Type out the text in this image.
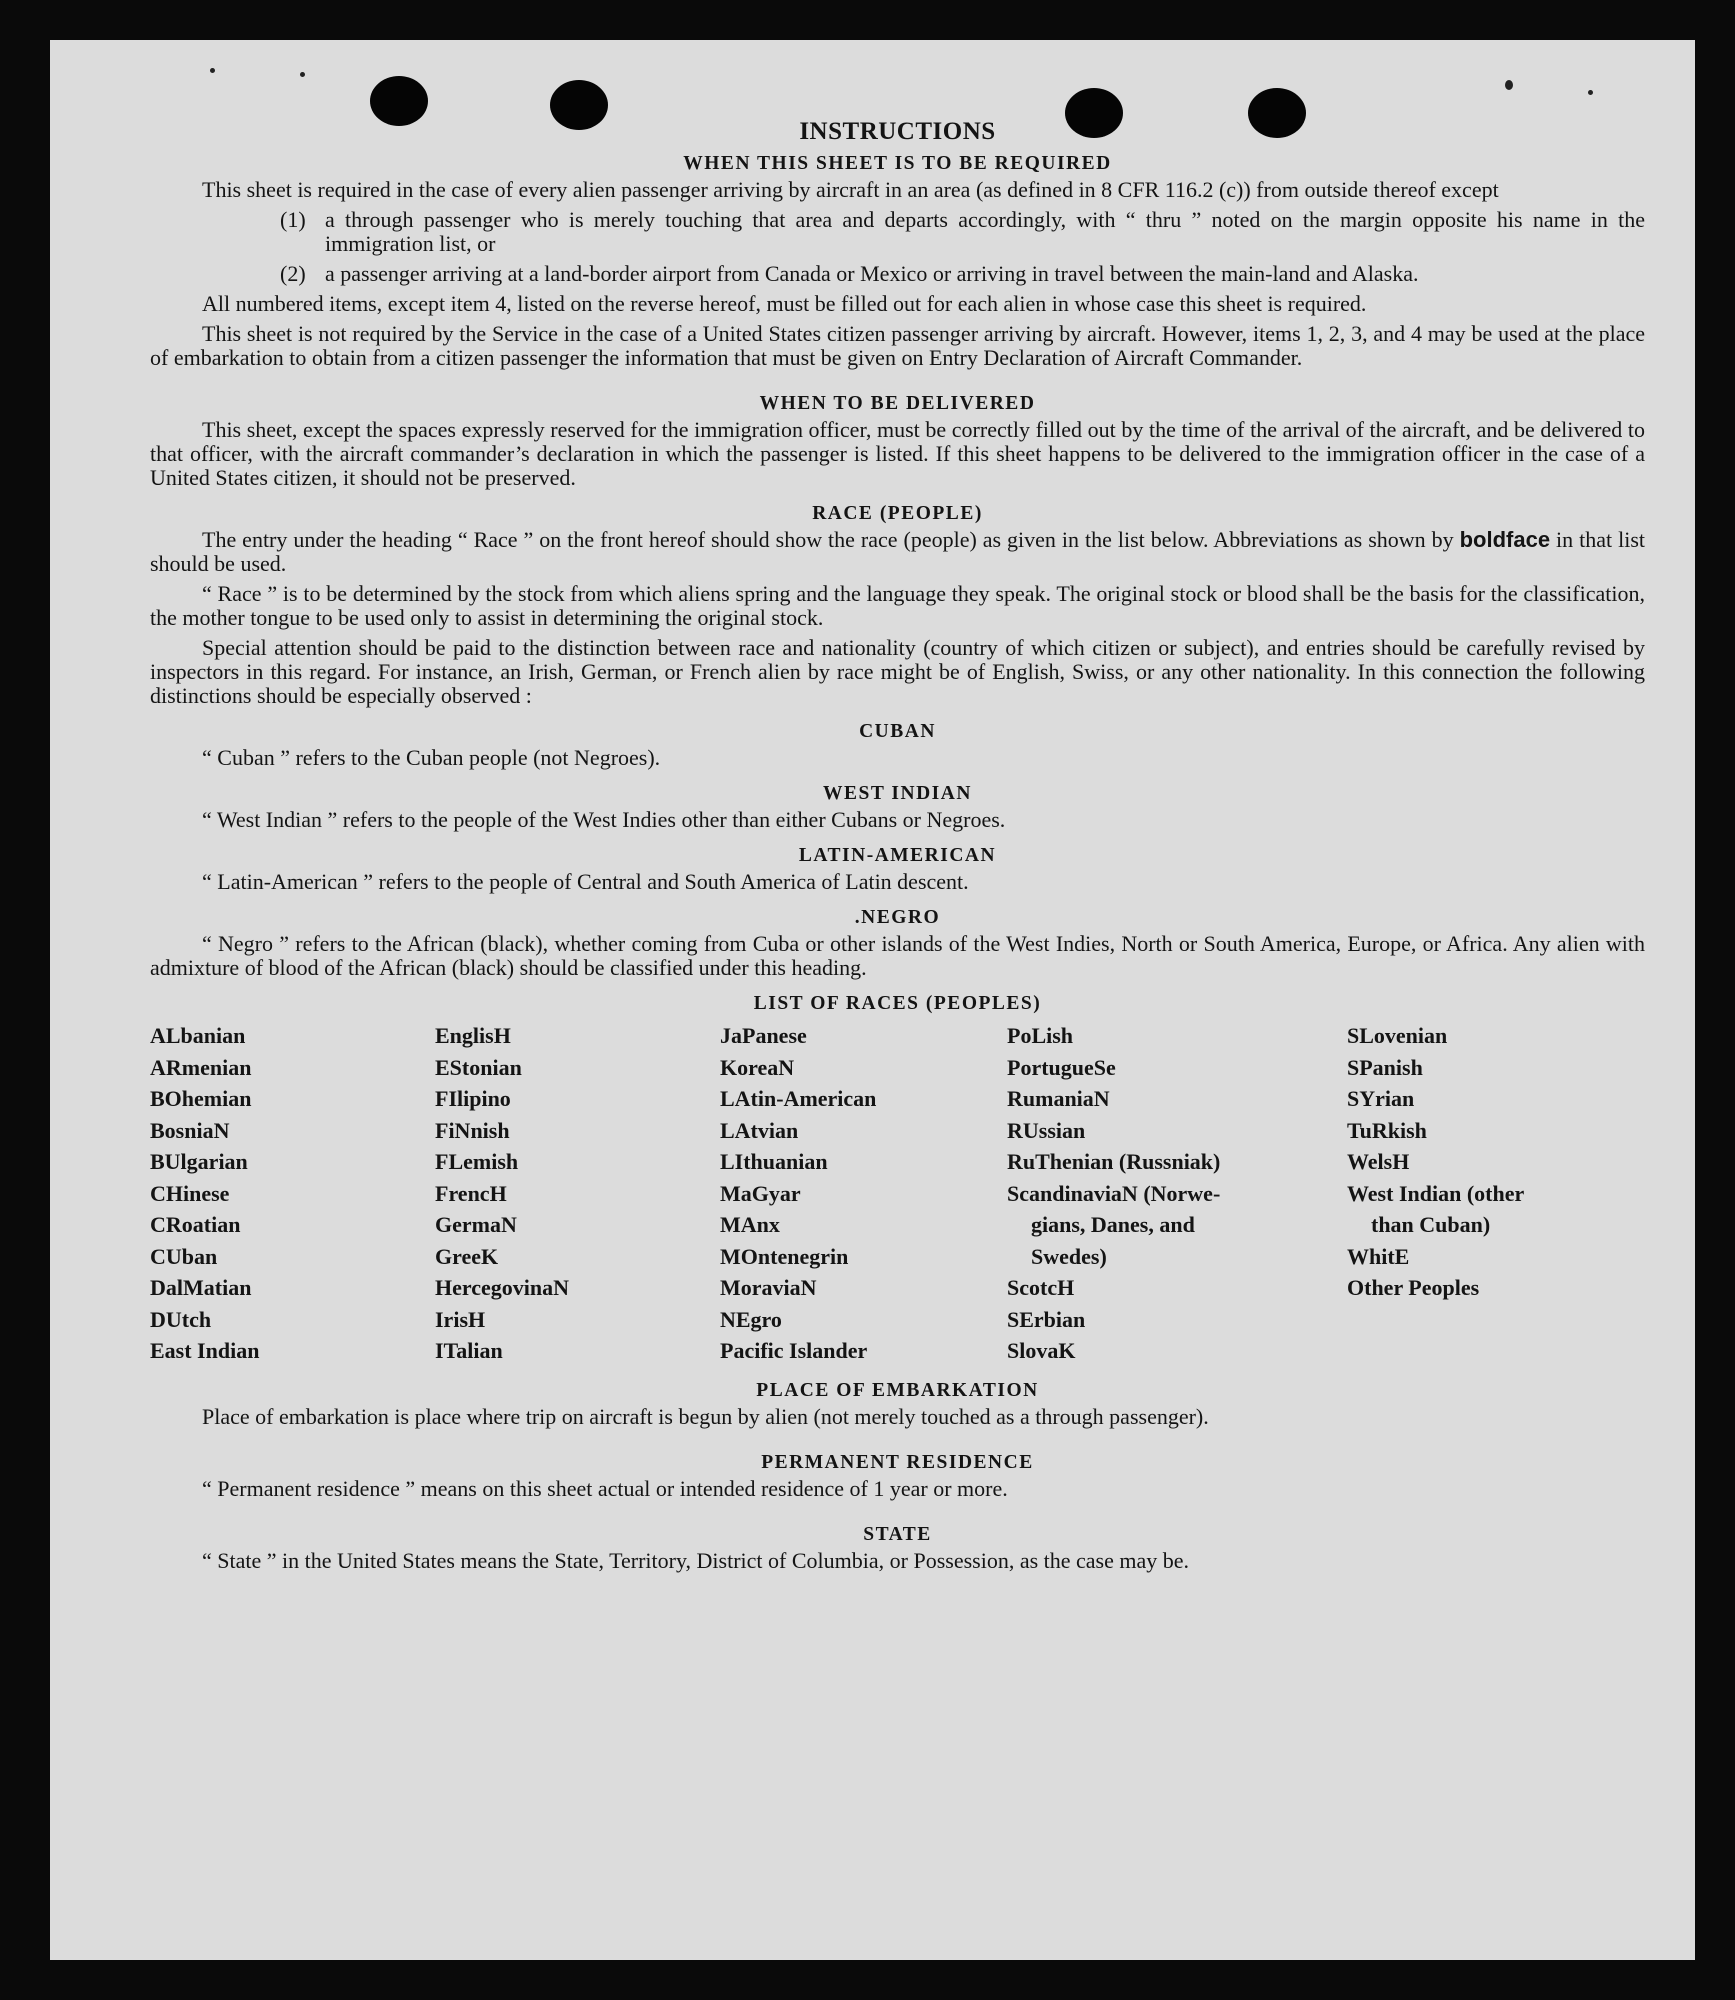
INSTRUCTIONS
WHEN THIS SHEET IS TO BE REQUIRED

This sheet is required in the case of every alien passenger arriving by aircraft in an area (as defined in 8 CFR 116.2 (c)) from outside thereof except

(1) a through passenger who is merely touching that area and departs accordingly, with “ thru ” noted on the margin opposite his name in the immigration list, or
(2) a passenger arriving at a land-border airport from Canada or Mexico or arriving in travel between the main-land and Alaska.

All numbered items, except item 4, listed on the reverse hereof, must be filled out for each alien in whose case this sheet is required.

This sheet is not required by the Service in the case of a United States citizen passenger arriving by aircraft. However, items 1, 2, 3, and 4 may be used at the place of embarkation to obtain from a citizen passenger the information that must be given on Entry Declaration of Aircraft Commander.

WHEN TO BE DELIVERED

This sheet, except the spaces expressly reserved for the immigration officer, must be correctly filled out by the time of the arrival of the aircraft, and be delivered to that officer, with the aircraft commander’s declaration in which the passenger is listed. If this sheet happens to be delivered to the immigration officer in the case of a United States citizen, it should not be preserved.

RACE (PEOPLE)

The entry under the heading “ Race ” on the front hereof should show the race (people) as given in the list below. Abbreviations as shown by boldface in that list should be used.

“ Race ” is to be determined by the stock from which aliens spring and the language they speak. The original stock or blood shall be the basis for the classification, the mother tongue to be used only to assist in determining the original stock.

Special attention should be paid to the distinction between race and nationality (country of which citizen or subject), and entries should be carefully revised by inspectors in this regard. For instance, an Irish, German, or French alien by race might be of English, Swiss, or any other nationality. In this connection the following distinctions should be especially observed :

CUBAN

“ Cuban ” refers to the Cuban people (not Negroes).

WEST INDIAN

“ West Indian ” refers to the people of the West Indies other than either Cubans or Negroes.

LATIN-AMERICAN

“ Latin-American ” refers to the people of Central and South America of Latin descent.

.NEGRO

“ Negro ” refers to the African (black), whether coming from Cuba or other islands of the West Indies, North or South America, Europe, or Africa. Any alien with admixture of blood of the African (black) should be classified under this heading.

LIST OF RACES (PEOPLES)
ALbanian
ARmenian
BOhemian
BosniaN
BUlgarian
CHinese
CRoatian
CUban
DalMatian
DUtch
East Indian
EnglisH
EStonian
FIlipino
FiNnish
FLemish
FrencH
GermaN
GreeK
HercegovinaN
IrisH
ITalian
JaPanese
KoreaN
LAtin-American
LAtvian
LIthuanian
MaGyar
MAnx
MOntenegrin
MoraviaN
NEgro
Pacific Islander
PoLish
PortugueSe
RumaniaN
RUssian
RuThenian (Russniak)
ScandinaviaN (Norwe-
gians, Danes, and
Swedes)
ScotcH
SErbian
SlovaK
SLovenian
SPanish
SYrian
TuRkish
WelsH
West Indian (other
than Cuban)
WhitE
Other Peoples
PLACE OF EMBARKATION

Place of embarkation is place where trip on aircraft is begun by alien (not merely touched as a through passenger).

PERMANENT RESIDENCE

“ Permanent residence ” means on this sheet actual or intended residence of 1 year or more.

STATE

“ State ” in the United States means the State, Territory, District of Columbia, or Possession, as the case may be.
